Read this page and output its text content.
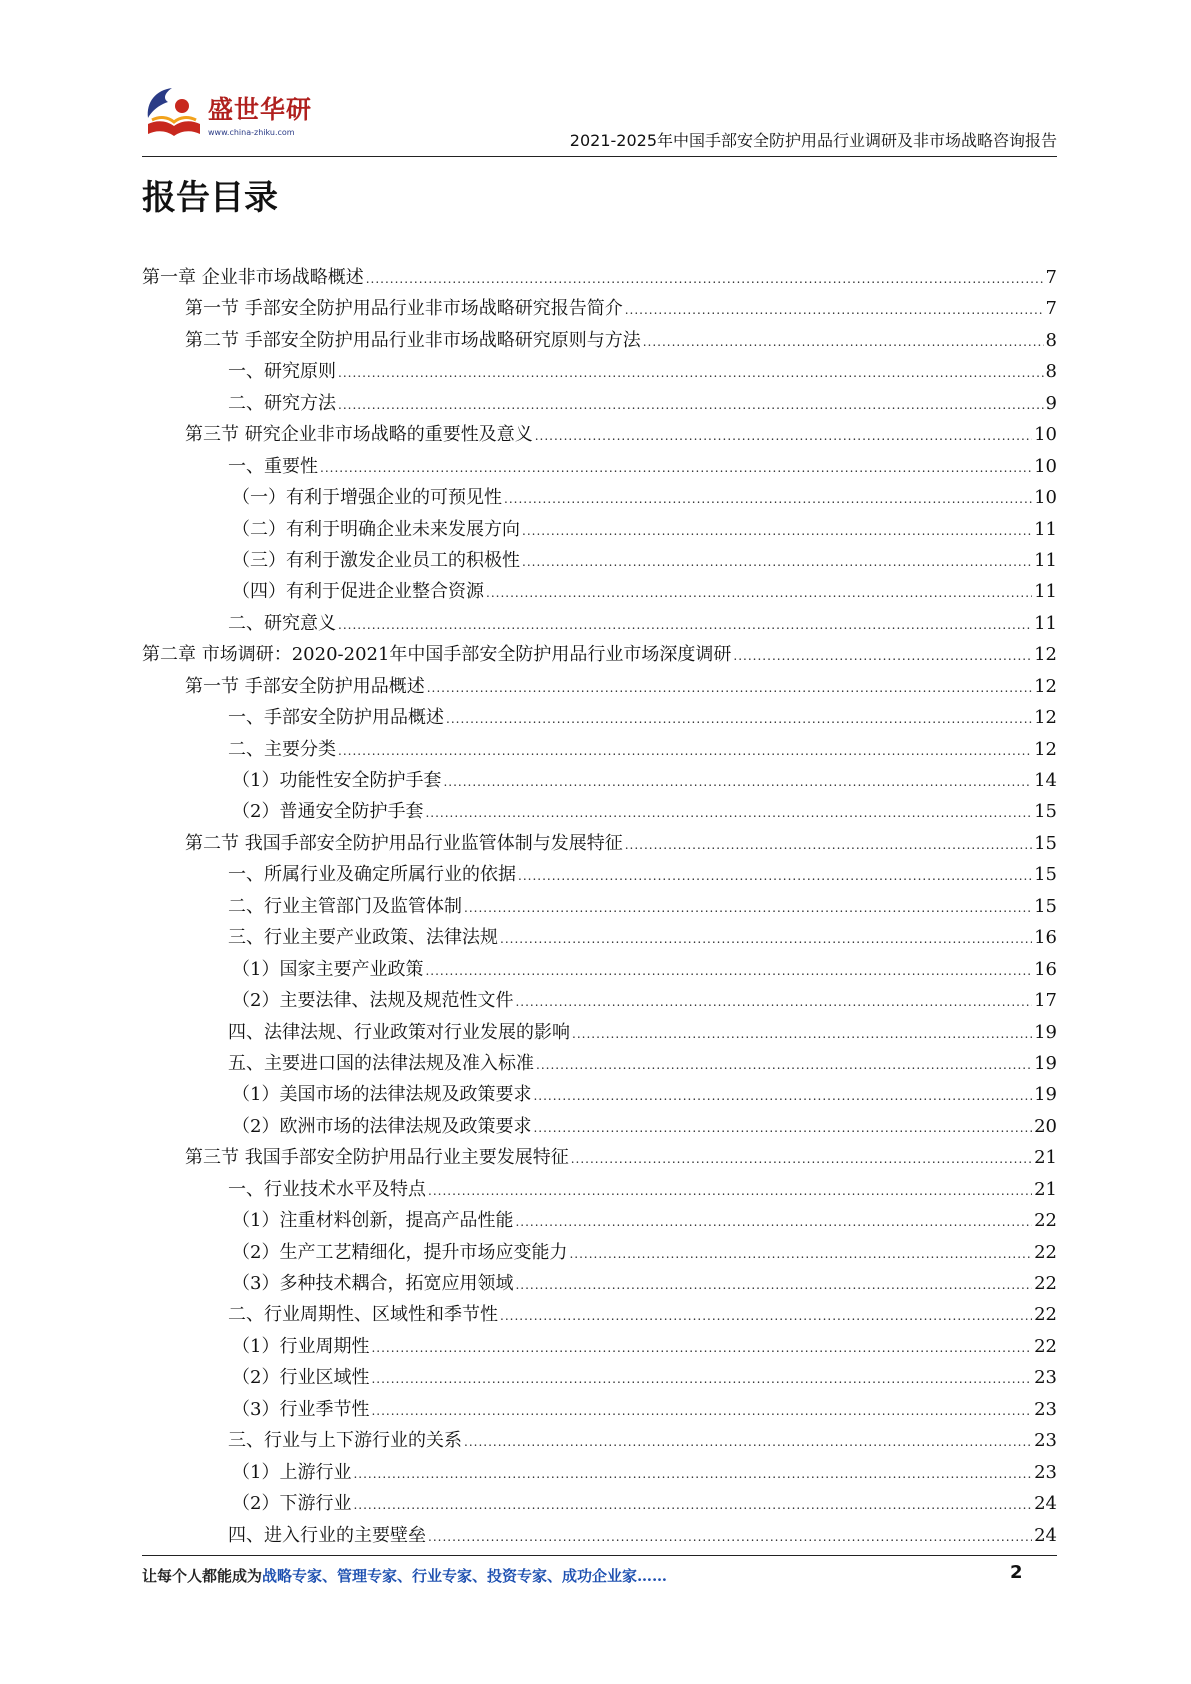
盛世华研
www.china-zhiku.com	2021-2025年中国手部安全防护用品行业调研及非市场战略咨询报告
报告目录
第一章 企业非市场战略概述 .....	7
第一节 手部安全防护用品行业非市场战略研究报告简介 .....	7
第二节 手部安全防护用品行业非市场战略研究原则与方法 .....	8
一、研究原则 .....	8
二、研究方法 .....	9
第三节 研究企业非市场战略的重要性及意义 .....	10
一、重要性 .....	10
（一）有利于增强企业的可预见性 .....	10
（二）有利于明确企业未来发展方向 .....	11
（三）有利于激发企业员工的积极性 .....	11
（四）有利于促进企业整合资源 .....	11
二、研究意义 .....	11
第二章 市场调研：2020-2021年中国手部安全防护用品行业市场深度调研 .....	12
第一节 手部安全防护用品概述 .....	12
一、手部安全防护用品概述 .....	12
二、主要分类 .....	12
（1）功能性安全防护手套 .....	14
（2）普通安全防护手套 .....	15
第二节 我国手部安全防护用品行业监管体制与发展特征 .....	15
一、所属行业及确定所属行业的依据 .....	15
二、行业主管部门及监管体制 .....	15
三、行业主要产业政策、法律法规 .....	16
（1）国家主要产业政策 .....	16
（2）主要法律、法规及规范性文件 .....	17
四、法律法规、行业政策对行业发展的影响 .....	19
五、主要进口国的法律法规及准入标准 .....	19
（1）美国市场的法律法规及政策要求 .....	19
（2）欧洲市场的法律法规及政策要求 .....	20
第三节 我国手部安全防护用品行业主要发展特征 .....	21
一、行业技术水平及特点 .....	21
（1）注重材料创新，提高产品性能 .....	22
（2）生产工艺精细化，提升市场应变能力 .....	22
（3）多种技术耦合，拓宽应用领域 .....	22
二、行业周期性、区域性和季节性 .....	22
（1）行业周期性 .....	22
（2）行业区域性 .....	23
（3）行业季节性 .....	23
三、行业与上下游行业的关系 .....	23
（1）上游行业 .....	23
（2）下游行业 .....	24
四、进入行业的主要壁垒 .....	24
让每个人都能成为战略专家、管理专家、行业专家、投资专家、成功企业家……	2
